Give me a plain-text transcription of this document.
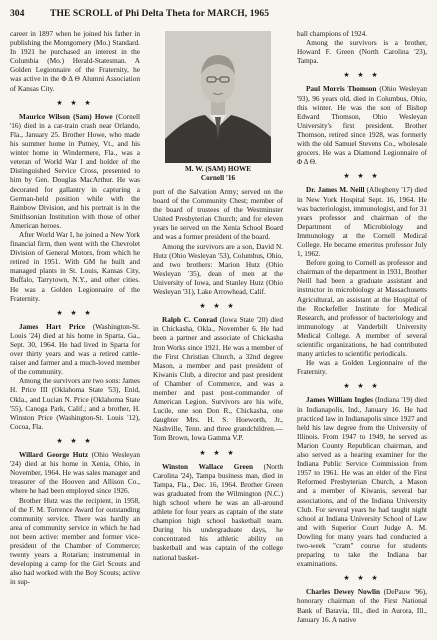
304	THE SCROLL of Phi Delta Theta for MARCH, 1965

career in 1897 when he joined his father in publishing the Montgomery (Mo.) Standard. In 1921 he purchased an interest in the Columbia (Mo.) Herald-Statesman. A Golden Legionnaire of the Fraternity, he was active in the Φ Δ Θ Alumni Association of Kansas City.

★ ★ ★

Maurice Wilson (Sam) Howe (Cornell '16) died in a car-train crash near Orlando, Fla., January 25. Brother Howe, who made his summer home in Putney, Vt., and his winter home in Windermere, Fla., was a veteran of World War I and holder of the Distinguished Service Cross, presented to him by Gen. Douglas MacArthur. He was decorated for gallantry in capturing a German-held position while with the Rainbow Division, and his portrait is in the Smithsonian Institution with those of other American heroes.

After World War I, he joined a New York financial firm, then went with the Chevrolet Division of General Motors, from which he retired in 1951. With GM he built and managed plants in St. Louis, Kansas City, Buffalo, Tarrytown, N.Y., and other cities. He was a Golden Legionnaire of the Fraternity.

★ ★ ★

James Hart Price (Washington-St. Louis '24) died at his home in Sparta, Ga., Sept. 30, 1964. He had lived in Sparta for over thirty years and was a retired cattle-raiser and farmer and a much-loved member of the community.

Among the survivors are two sons: James H. Price III (Oklahoma State '53), Enid, Okla., and Lucian N. Price (Oklahoma State '55), Canoga Park, Calif.; and a brother, H. Winston Price (Washington-St. Louis '12), Cocoa, Fla.

★ ★ ★

Willard George Hutz (Ohio Wesleyan '24) died at his home in Xenia, Ohio, in November, 1964. He was sales manager and treasurer of the Hooven and Allison Co., where he had been employed since 1926.

Brother Hutz was the recipient, in 1958, of the F. M. Torrence Award for outstanding community service. There was hardly an area of community service in which he had not been active: member and former vice-president of the Chamber of Commerce; twenty years a Rotarian; instrumental in developing a camp for the Girl Scouts and also had worked with the Boy Scouts; active in sup-

M. W. (SAM) HOWE
Cornell '16

port of the Salvation Army; served on the board of the Community Chest; member of the board of trustees of the Westminster United Presbyterian Church; and for eleven years he served on the Xenia School Board and was a former president of the board.

Among the survivors are a son, David N. Hutz (Ohio Wesleyan '53), Columbus, Ohio, and two brothers: Marion Hutz (Ohio Wesleyan '35), dean of men at the University of Iowa, and Stanley Hutz (Ohio Wesleyan '31), Lake Arrowhead, Calif.

★ ★ ★

Ralph C. Conrad (Iowa State '20) died in Chickasha, Okla., November 6. He had been a partner and associate of Chickasha Iron Works since 1921. He was a member of the First Christian Church, a 32nd degree Mason, a member and past president of Kiwanis Club, a director and past president of Chamber of Commerce, and was a member and past post-commander of American Legion. Survivors are his wife, Lucile, one son Don R., Chickasha, one daughter Mrs. H. S. Hoeworth, Jr., Nashville, Tenn. and three grandchildren.—Tom Brown, Iowa Gamma V.P.

★ ★ ★

Winston Wallace Green (North Carolina '24), Tampa business man, died in Tampa, Fla., Dec. 16, 1964. Brother Green was graduated from the Wilmington (N.C.) high school where he was an all-around athlete for four years as captain of the state champion high school basketball team. During his undergraduate days, he concentrated his athletic ability on basketball and was captain of the college national basket-

ball champions of 1924.

Among the survivors is a brother, Howard F. Green (North Carolina '23), Tampa.

★ ★ ★

Paul Morris Thomson (Ohio Wesleyan '93), 96 years old, died in Columbus, Ohio, this winter. He was the son of Bishop Edward Thomson, Ohio Wesleyan University's first president. Brother Thomson, retired since 1928, was formerly with the old Samuel Stevens Co., wholesale grocers. He was a Diamond Legionnaire of Φ Δ Θ.

★ ★ ★

Dr. James M. Neill (Allegheny '17) died in New York Hospital Sept. 16, 1964. He was bacteriologist, immunologist, and for 31 years professor and chairman of the Department of Microbiology and Immunology at the Cornell Medical College. He became emeritus professor July 1, 1962.

Before going to Cornell as professor and chairman of the department in 1931, Brother Neill had been a graduate assistant and instructor in microbiology at Massachusetts Agricultural, an assistant at the Hospital of the Rockefeller Institute for Medical Research, and professor of bacteriology and immunology at Vanderbilt University Medical College. A member of several scientific organizations, he had contributed many articles to scientific periodicals.

He was a Golden Legionnaire of the Fraternity.

★ ★ ★

James William Ingles (Indiana '19) died in Indianapolis, Ind., January 16. He had practiced law in Indianapolis since 1927 and held his law degree from the University of Illinois. From 1947 to 1949, he served as Marion County Republican chairman, and also served as a hearing examiner for the Indiana Public Service Commission from 1957 to 1961. He was an elder of the First Reformed Presbyterian Church, a Mason and a member of Kiwanis, several bar associations, and of the Indiana University Club. For several years he had taught night school at Indiana University School of Law and with Superior Court Judge A. M. Dowling for many years had conducted a two-week "cram" course for students preparing to take the Indiana bar examinations.

★ ★ ★

Charles Dewey Nowlin (DePauw '96), honorary chairman of the First National Bank of Batavia, Ill., died in Aurora, Ill., January 16. A native
